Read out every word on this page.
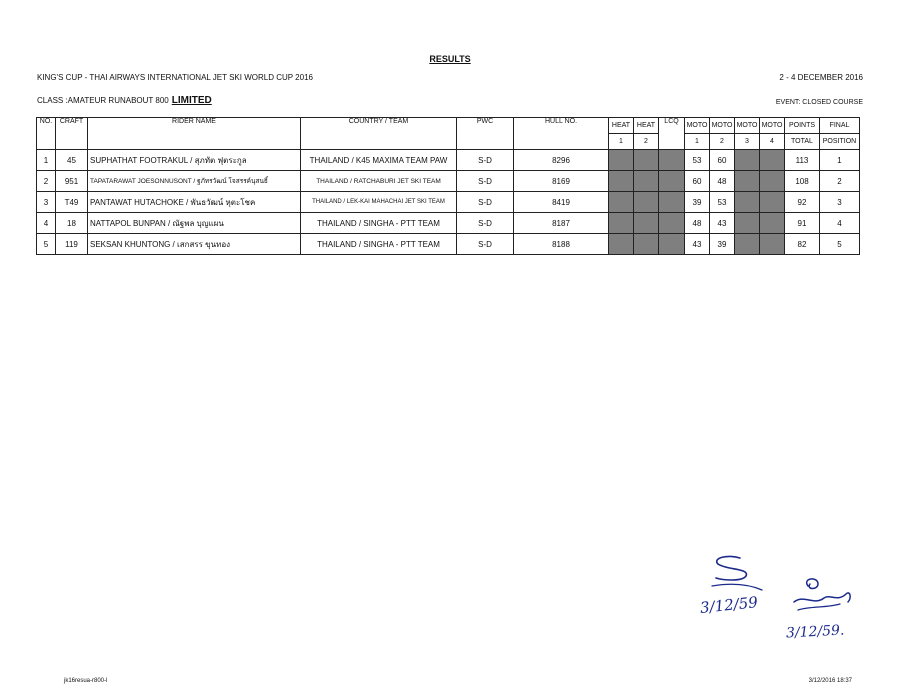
RESULTS
KING'S CUP - THAI AIRWAYS INTERNATIONAL JET SKI WORLD CUP 2016	2 - 4 DECEMBER 2016
CLASS :AMATEUR RUNABOUT 800 LIMITED	EVENT: CLOSED COURSE
NO.	CRAFT	RIDER NAME	COUNTRY / TEAM	PWC	HULL NO.	HEAT	HEAT	LCQ	MOTO	MOTO	MOTO	MOTO	POINTS	FINAL
						1	2		1	2	3	4	TOTAL	POSITION
1	45	SUPHATHAT FOOTRAKUL / สุภทัต ฟุตระกูล	THAILAND / K45 MAXIMA TEAM PAW	S-D	8296				53	60			113	1
2	951	TAPATARAWAT JOESONNUSONT / ฐภัทรวัฒน์ โจสรรค์นุสนธิ์	THAILAND / RATCHABURI JET SKI TEAM	S-D	8169				60	48			108	2
3	T49	PANTAWAT HUTACHOKE / พันธวัฒน์ หุตะโชค	THAILAND / LEK-KAI MAHACHAI JET SKI TEAM	S-D	8419				39	53			92	3
4	18	NATTAPOL BUNPAN / ณัฐพล บุญแผน	THAILAND / SINGHA - PTT TEAM	S-D	8187				48	43			91	4
5	119	SEKSAN KHUNTONG / เสกสรร ขุนทอง	THAILAND / SINGHA - PTT TEAM	S-D	8188				43	39			82	5
3/12/59
3/12/59.
jk16resua-r800-l	3/12/2016 18:37
